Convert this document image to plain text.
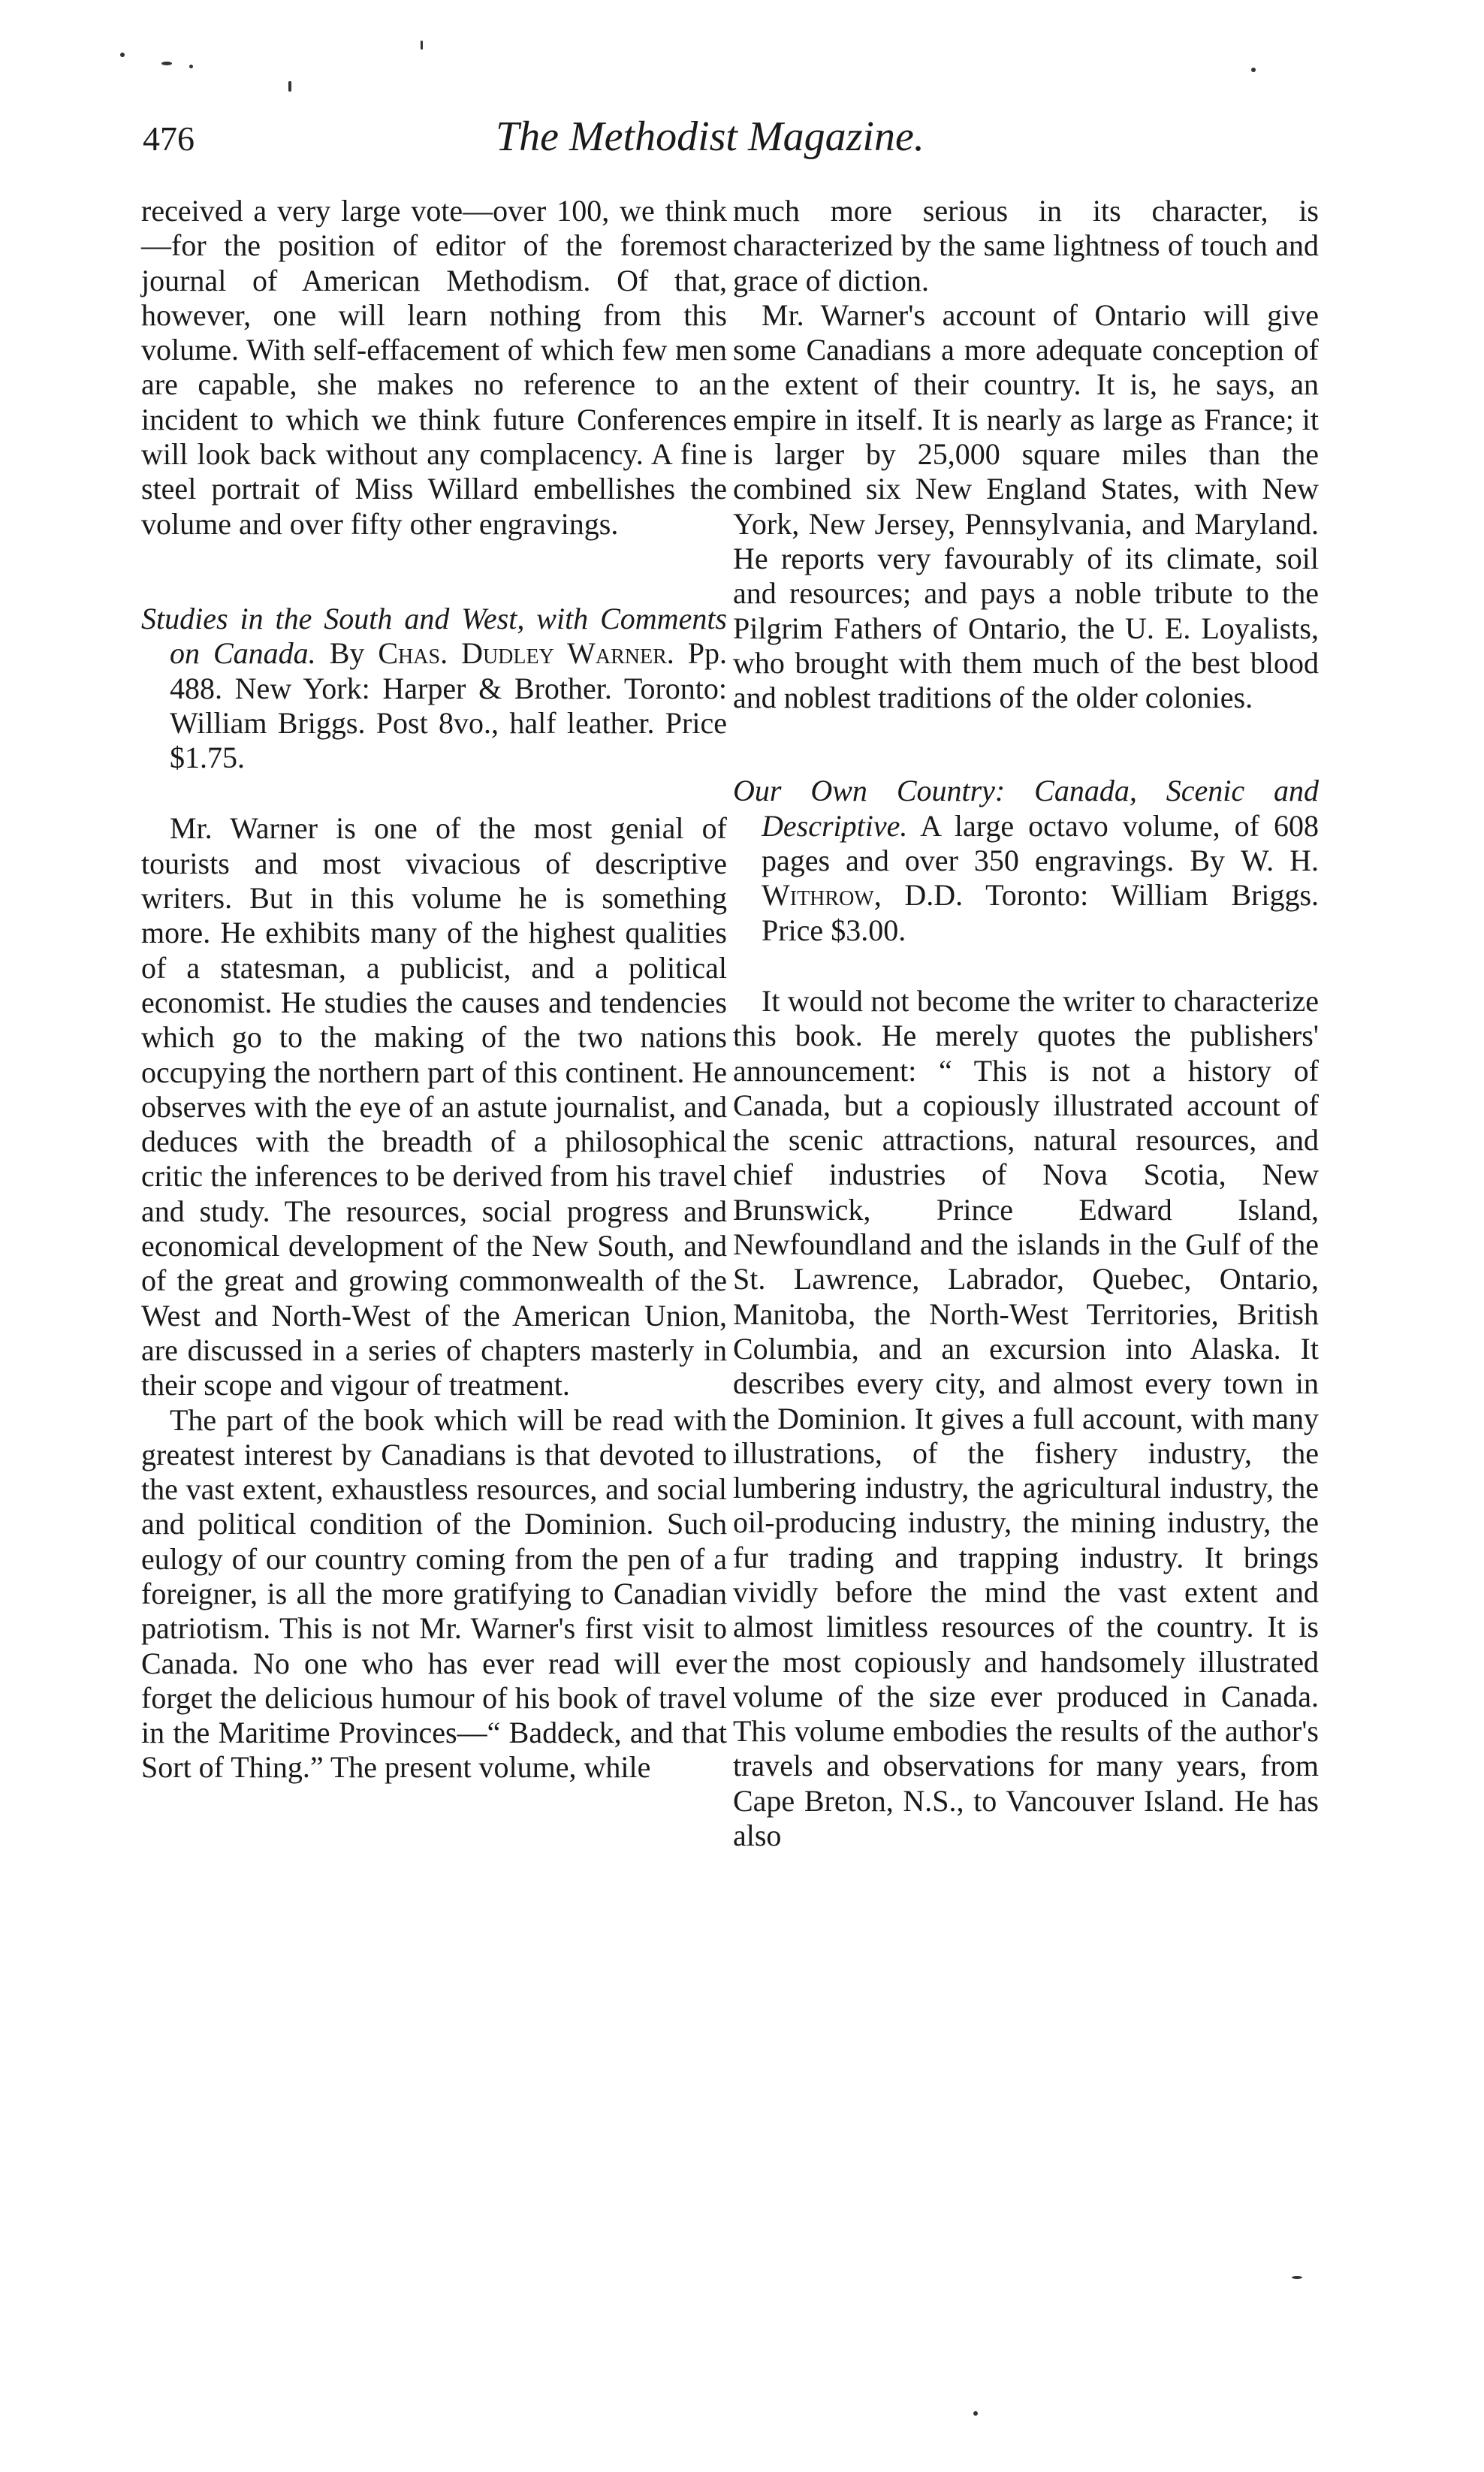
476	The Methodist Magazine.

received a very large vote—over 100, we think—for the position of editor of the foremost journal of American Methodism. Of that, however, one will learn nothing from this volume. With self-effacement of which few men are capable, she makes no reference to an incident to which we think future Conferences will look back without any complacency. A fine steel portrait of Miss Willard embellishes the volume and over fifty other engravings.

Studies in the South and West, with Comments on Canada. By Chas. Dudley Warner. Pp. 488. New York: Harper & Brother. Toronto: William Briggs. Post 8vo., half leather. Price $1.75.

Mr. Warner is one of the most genial of tourists and most vivacious of descriptive writers. But in this volume he is something more. He exhibits many of the highest qualities of a statesman, a publicist, and a political economist. He studies the causes and tendencies which go to the making of the two nations occupying the northern part of this continent. He observes with the eye of an astute journalist, and deduces with the breadth of a philosophical critic the inferences to be derived from his travel and study. The resources, social progress and economical development of the New South, and of the great and growing commonwealth of the West and North-West of the American Union, are discussed in a series of chapters masterly in their scope and vigour of treatment.

The part of the book which will be read with greatest interest by Canadians is that devoted to the vast extent, exhaustless resources, and social and political condition of the Dominion. Such eulogy of our country coming from the pen of a foreigner, is all the more gratifying to Canadian patriotism. This is not Mr. Warner's first visit to Canada. No one who has ever read will ever forget the delicious humour of his book of travel in the Maritime Provinces—“ Baddeck, and that Sort of Thing.” The present volume, while

much more serious in its character, is characterized by the same lightness of touch and grace of diction.

Mr. Warner's account of Ontario will give some Canadians a more adequate conception of the extent of their country. It is, he says, an empire in itself. It is nearly as large as France; it is larger by 25,000 square miles than the combined six New England States, with New York, New Jersey, Pennsylvania, and Maryland. He reports very favourably of its climate, soil and resources; and pays a noble tribute to the Pilgrim Fathers of Ontario, the U. E. Loyalists, who brought with them much of the best blood and noblest traditions of the older colonies.

Our Own Country: Canada, Scenic and Descriptive. A large octavo volume, of 608 pages and over 350 engravings. By W. H. Withrow, D.D. Toronto: William Briggs. Price $3.00.

It would not become the writer to characterize this book. He merely quotes the publishers' announcement: “ This is not a history of Canada, but a copiously illustrated account of the scenic attractions, natural resources, and chief industries of Nova Scotia, New Brunswick, Prince Edward Island, Newfoundland and the islands in the Gulf of the St. Lawrence, Labrador, Quebec, Ontario, Manitoba, the North-West Territories, British Columbia, and an excursion into Alaska. It describes every city, and almost every town in the Dominion. It gives a full account, with many illustrations, of the fishery industry, the lumbering industry, the agricultural industry, the oil-producing industry, the mining industry, the fur trading and trapping industry. It brings vividly before the mind the vast extent and almost limitless resources of the country. It is the most copiously and handsomely illustrated volume of the size ever produced in Canada. This volume embodies the results of the author's travels and observations for many years, from Cape Breton, N.S., to Vancouver Island. He has also
